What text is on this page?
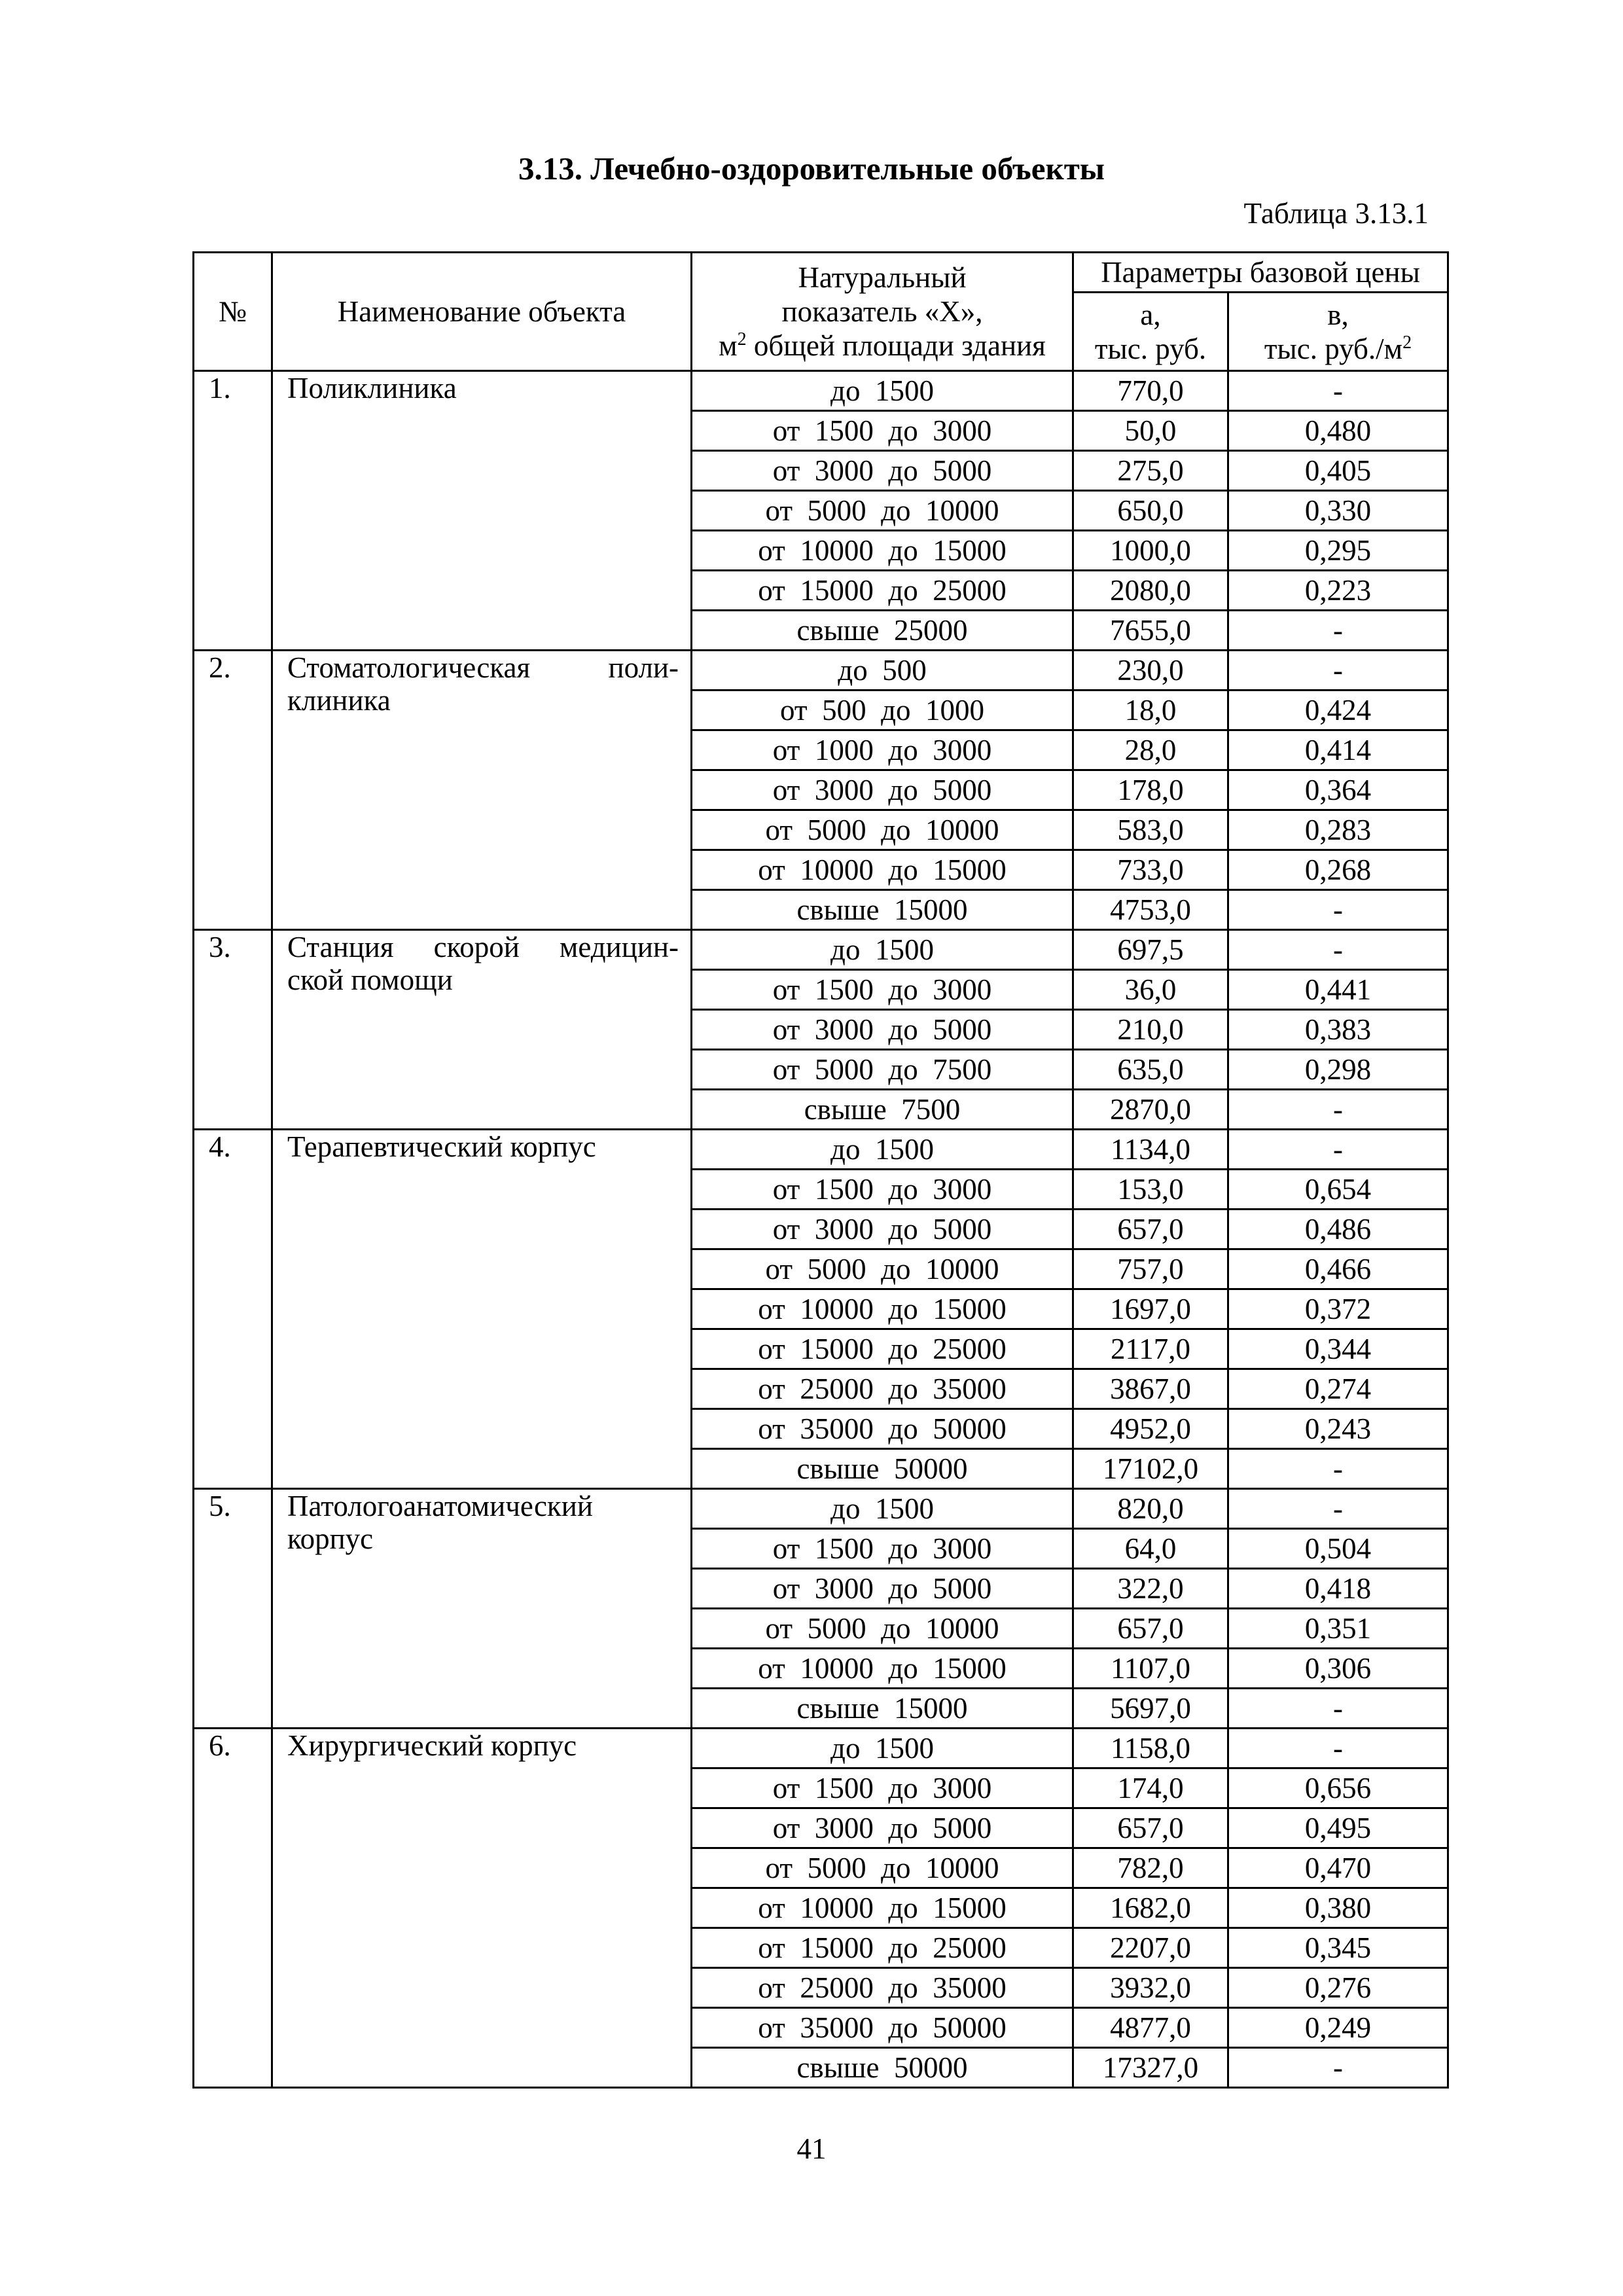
3.13. Лечебно-оздоровительные объекты
Таблица 3.13.1
№	Наименование объекта	Натуральный
показатель «X»,
$м^2$ общей площади здания	Параметры базовой цены	

			а,
тыс. руб.	в,
тыс. $руб./м^2$

1.	Поликлиника	до  1500	770,0	-
		от  1500  до  3000	50,0	0,480
		от  3000  до  5000	275,0	0,405
		от  5000  до  10000	650,0	0,330
		от  10000  до  15000	1000,0	0,295
		от  15000  до  25000	2080,0	0,223
		свыше  25000	7655,0	-
2.	Стоматологическая поли-
клиника	до  500	230,0	-
		от  500  до  1000	18,0	0,424
		от  1000  до  3000	28,0	0,414
		от  3000  до  5000	178,0	0,364
		от  5000  до  10000	583,0	0,283
		от  10000  до  15000	733,0	0,268
		свыше  15000	4753,0	-
3.	Станция скорой медицин-
ской помощи	до  1500	697,5	-
		от  1500  до  3000	36,0	0,441
		от  3000  до  5000	210,0	0,383
		от  5000  до  7500	635,0	0,298
		свыше  7500	2870,0	-
4.	Терапевтический корпус	до  1500	1134,0	-
		от  1500  до  3000	153,0	0,654
		от  3000  до  5000	657,0	0,486
		от  5000  до  10000	757,0	0,466
		от  10000  до  15000	1697,0	0,372
		от  15000  до  25000	2117,0	0,344
		от  25000  до  35000	3867,0	0,274
		от  35000  до  50000	4952,0	0,243
		свыше  50000	17102,0	-
5.	Патологоанатомический
корпус	до  1500	820,0	-
		от  1500  до  3000	64,0	0,504
		от  3000  до  5000	322,0	0,418
		от  5000  до  10000	657,0	0,351
		от  10000  до  15000	1107,0	0,306
		свыше  15000	5697,0	-
6.	Хирургический корпус	до  1500	1158,0	-
		от  1500  до  3000	174,0	0,656
		от  3000  до  5000	657,0	0,495
		от  5000  до  10000	782,0	0,470
		от  10000  до  15000	1682,0	0,380
		от  15000  до  25000	2207,0	0,345
		от  25000  до  35000	3932,0	0,276
		от  35000  до  50000	4877,0	0,249
		свыше  50000	17327,0	-
41
